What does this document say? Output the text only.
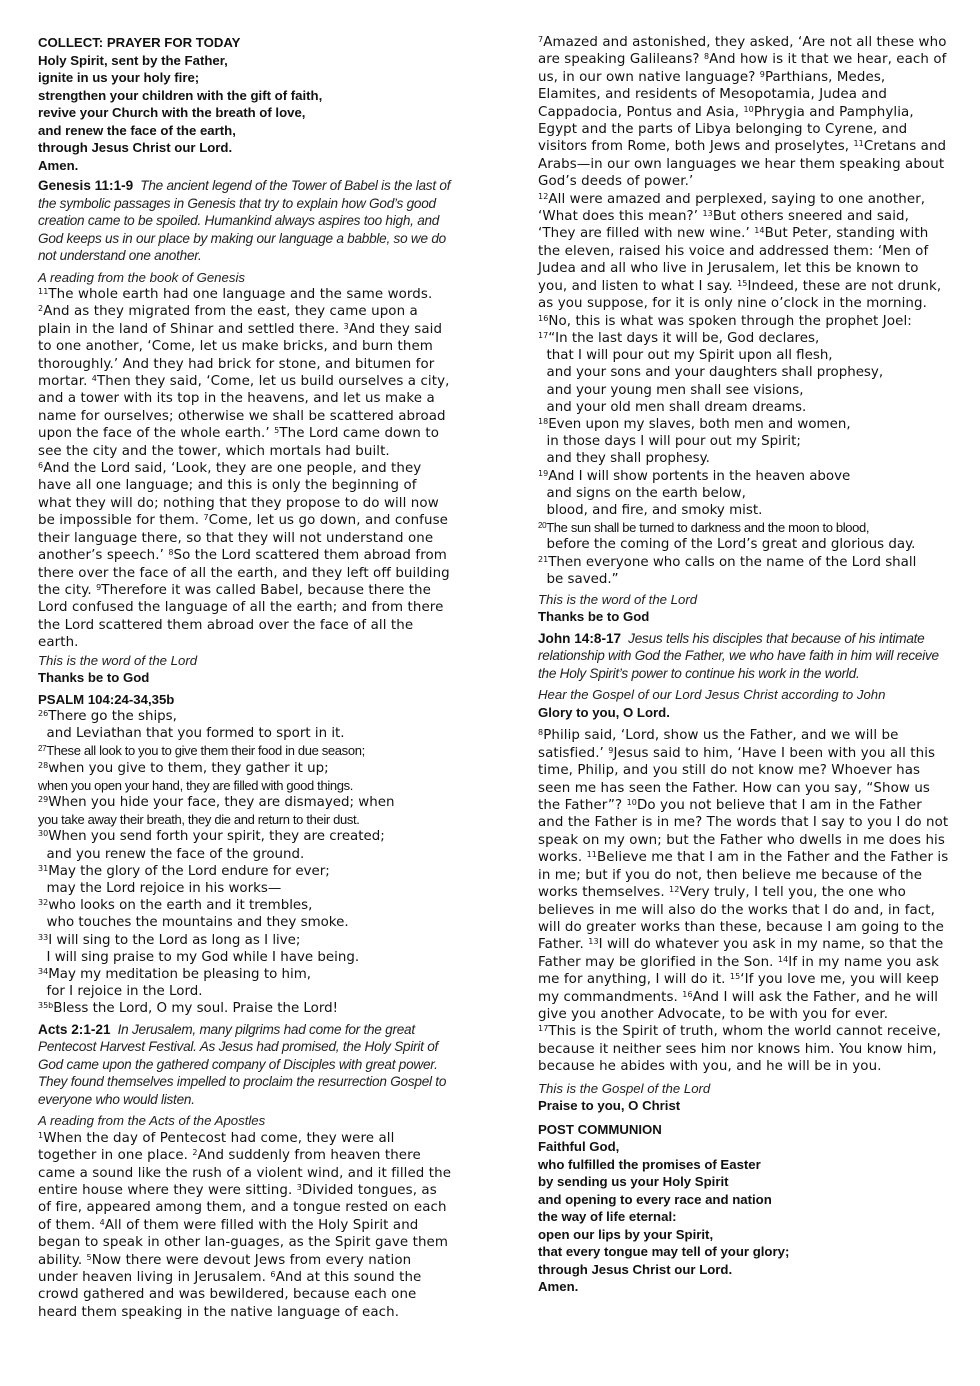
COLLECT: PRAYER FOR TODAY
Holy Spirit, sent by the Father,
ignite in us your holy fire;
strengthen your children with the gift of faith,
revive your Church with the breath of love,
and renew the face of the earth,
through Jesus Christ our Lord.
Amen.
Genesis 11:1-9 The ancient legend of the Tower of Babel is the last of the symbolic passages in Genesis that try to explain how God’s good creation came to be spoiled. Humankind always aspires too high, and God keeps us in our place by making our language a babble, so we do not understand one another.
A reading from the book of Genesis

$^{11}$The whole earth had one language and the same words. $^2$And as they migrated from the east, they came upon a plain in the land of Shinar and settled there. $^3$And they said to one another, ‘Come, let us make bricks, and burn them thoroughly.’ And they had brick for stone, and bitumen for mortar. $^4$Then they said, ‘Come, let us build ourselves a city, and a tower with its top in the heavens, and let us make a name for ourselves; otherwise we shall be scattered abroad upon the face of the whole earth.’ $^5$The Lord came down to see the city and the tower, which mortals had built.
$^6$And the Lord said, ‘Look, they are one people, and they have all one language; and this is only the beginning of what they will do; nothing that they propose to do will now be impossible for them. $^7$Come, let us go down, and confuse their language there, so that they will not understand one another’s speech.’ $^8$So the Lord scattered them abroad from there over the face of all the earth, and they left off building the city. $^9$Therefore it was called Babel, because there the Lord confused the language of all the earth; and from there the Lord scattered them abroad over the face of all the earth.

This is the word of the Lord
Thanks be to God
PSALM 104:24-34,35b
$^{26}$There go the ships,
and Leviathan that you formed to sport in it.
$^{27}$These all look to you to give them their food in due season;
$^{28}$when you give to them, they gather it up;
when you open your hand, they are filled with good things.
$^{29}$When you hide your face, they are dismayed; when
you take away their breath, they die and return to their dust.
$^{30}$When you send forth your spirit, they are created;
and you renew the face of the ground.
$^{31}$May the glory of the Lord endure for ever;
may the Lord rejoice in his works—
$^{32}$who looks on the earth and it trembles,
who touches the mountains and they smoke.
$^{33}$I will sing to the Lord as long as I live;
I will sing praise to my God while I have being.
$^{34}$May my meditation be pleasing to him,
for I rejoice in the Lord.
$^{35b}$Bless the Lord, O my soul. Praise the Lord!
Acts 2:1-21 In Jerusalem, many pilgrims had come for the great Pentecost Harvest Festival. As Jesus had promised, the Holy Spirit of God came upon the gathered company of Disciples with great power. They found themselves impelled to proclaim the resurrection Gospel to everyone who would listen.
A reading from the Acts of the Apostles

$^1$When the day of Pentecost had come, they were all together in one place. $^2$And suddenly from heaven there came a sound like the rush of a violent wind, and it filled the entire house where they were sitting. $^3$Divided tongues, as of fire, appeared among them, and a tongue rested on each of them. $^4$All of them were filled with the Holy Spirit and began to speak in other lan-guages, as the Spirit gave them ability. $^5$Now there were devout Jews from every nation under heaven living in Jerusalem. $^6$And at this sound the crowd gathered and was bewildered, because each one heard them speaking in the native language of each.

$^7$Amazed and astonished, they asked, ‘Are not all these who are speaking Galileans? $^8$And how is it that we hear, each of us, in our own native language? $^9$Parthians, Medes, Elamites, and residents of Mesopotamia, Judea and Cappadocia, Pontus and Asia, $^{10}$Phrygia and Pamphylia, Egypt and the parts of Libya belonging to Cyrene, and visitors from Rome, both Jews and proselytes, $^{11}$Cretans and Arabs—in our own languages we hear them speaking about God’s deeds of power.’
$^{12}$All were amazed and perplexed, saying to one another, ‘What does this mean?’ $^{13}$But others sneered and said, ‘They are filled with new wine.’ $^{14}$But Peter, standing with the eleven, raised his voice and addressed them: ‘Men of Judea and all who live in Jerusalem, let this be known to you, and listen to what I say. $^{15}$Indeed, these are not drunk, as you suppose, for it is only nine o’clock in the morning. $^{16}$No, this is what was spoken through the prophet Joel:

$^{17}$“In the last days it will be, God declares,
that I will pour out my Spirit upon all flesh,
and your sons and your daughters shall prophesy,
and your young men shall see visions,
and your old men shall dream dreams.
$^{18}$Even upon my slaves, both men and women,
in those days I will pour out my Spirit;
and they shall prophesy.
$^{19}$And I will show portents in the heaven above
and signs on the earth below,
blood, and fire, and smoky mist.
$^{20}$The sun shall be turned to darkness and the moon to blood,
before the coming of the Lord’s great and glorious day.
$^{21}$Then everyone who calls on the name of the Lord shall
be saved.”
This is the word of the Lord
Thanks be to God
John 14:8-17 Jesus tells his disciples that because of his intimate relationship with God the Father, we who have faith in him will receive the Holy Spirit’s power to continue his work in the world.
Hear the Gospel of our Lord Jesus Christ according to John
Glory to you, O Lord.

$^8$Philip said, ‘Lord, show us the Father, and we will be satisfied.’ $^9$Jesus said to him, ‘Have I been with you all this time, Philip, and you still do not know me? Whoever has seen me has seen the Father. How can you say, “Show us the Father”? $^{10}$Do you not believe that I am in the Father and the Father is in me? The words that I say to you I do not speak on my own; but the Father who dwells in me does his works. $^{11}$Believe me that I am in the Father and the Father is in me; but if you do not, then believe me because of the works themselves. $^{12}$Very truly, I tell you, the one who believes in me will also do the works that I do and, in fact, will do greater works than these, because I am going to the Father. $^{13}$I will do whatever you ask in my name, so that the Father may be glorified in the Son. $^{14}$If in my name you ask me for anything, I will do it. $^{15}$‘If you love me, you will keep my commandments. $^{16}$And I will ask the Father, and he will give you another Advocate, to be with you for ever.
$^{17}$This is the Spirit of truth, whom the world cannot receive, because it neither sees him nor knows him. You know him, because he abides with you, and he will be in you.

This is the Gospel of the Lord
Praise to you, O Christ
POST COMMUNION
Faithful God,
who fulfilled the promises of Easter
by sending us your Holy Spirit
and opening to every race and nation
the way of life eternal:
open our lips by your Spirit,
that every tongue may tell of your glory;
through Jesus Christ our Lord.
Amen.
